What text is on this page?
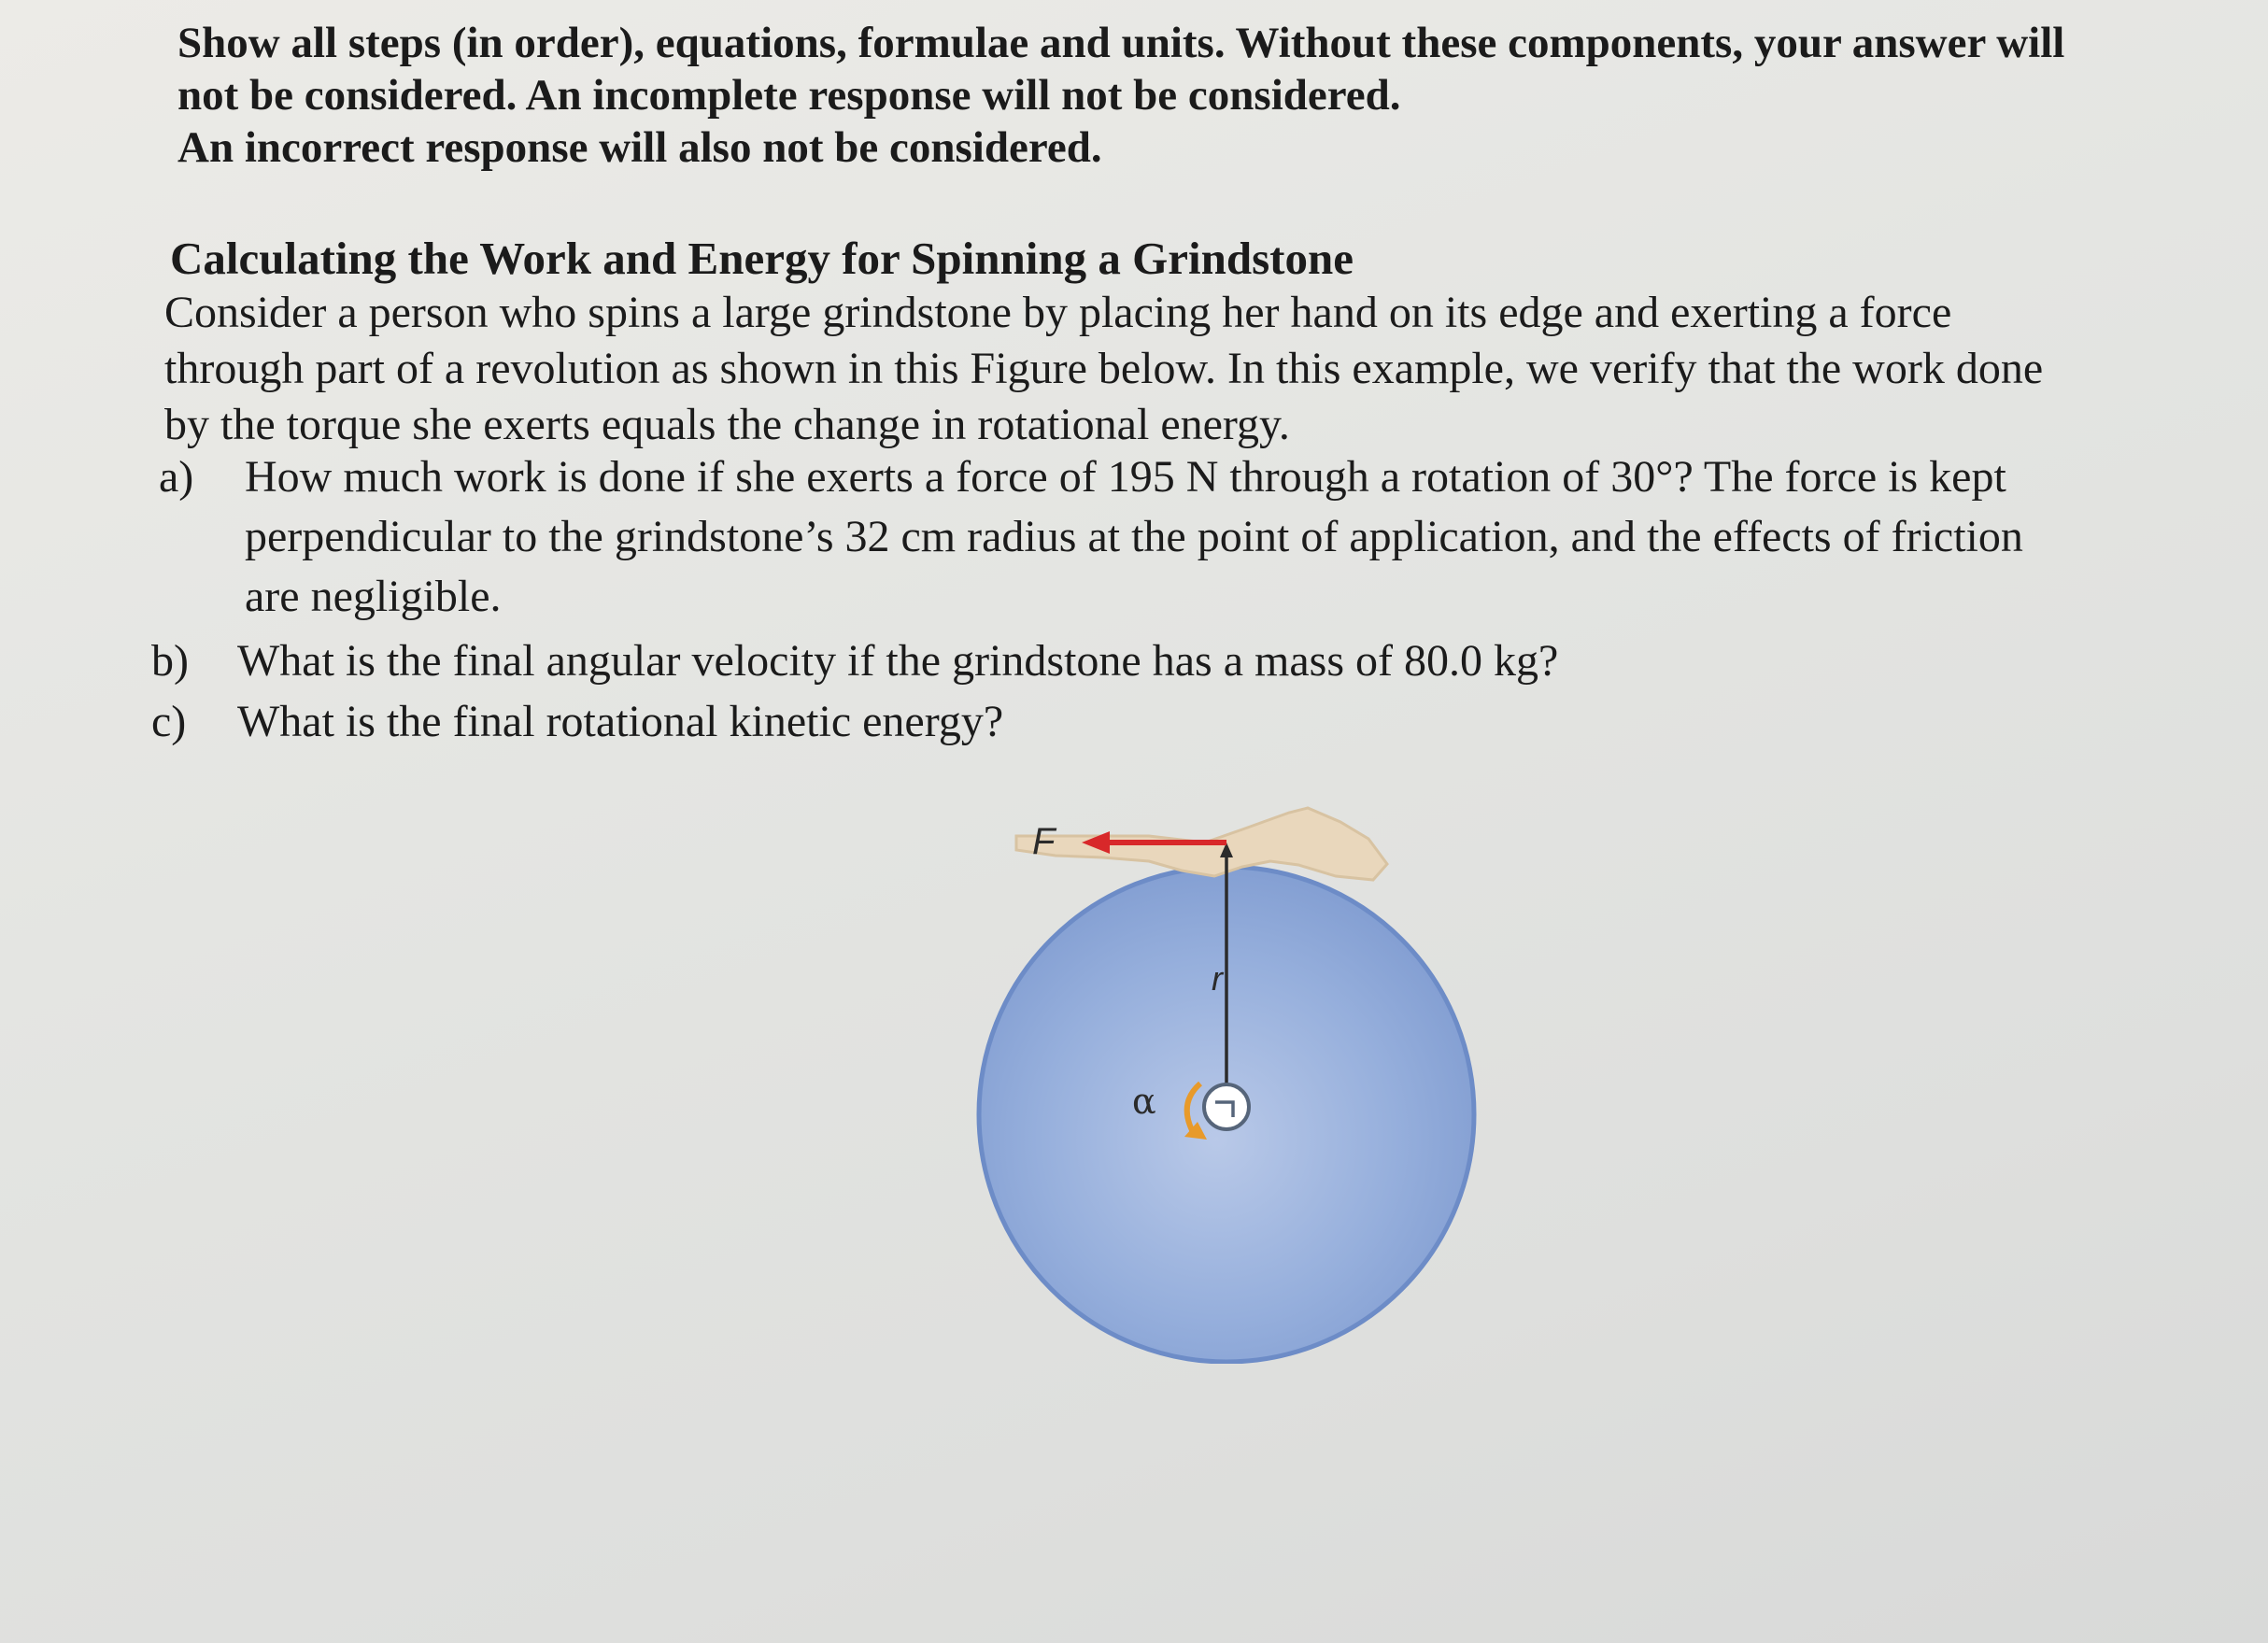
Show all steps (in order), equations, formulae and units. Without these components, your answer will
not be considered. An incomplete response will not be considered.
An incorrect response will also not be considered.
Calculating the Work and Energy for Spinning a Grindstone
Consider a person who spins a large grindstone by placing her hand on its edge and exerting a force
through part of a revolution as shown in this Figure below. In this example, we verify that the work done
by the torque she exerts equals the change in rotational energy.
a) How much work is done if she exerts a force of 195 N through a rotation of 30°? The force is kept
perpendicular to the grindstone’s 32 cm radius at the point of application, and the effects of friction
are negligible.
b) What is the final angular velocity if the grindstone has a mass of 80.0 kg?
c) What is the final rotational kinetic energy?
r
F
α
